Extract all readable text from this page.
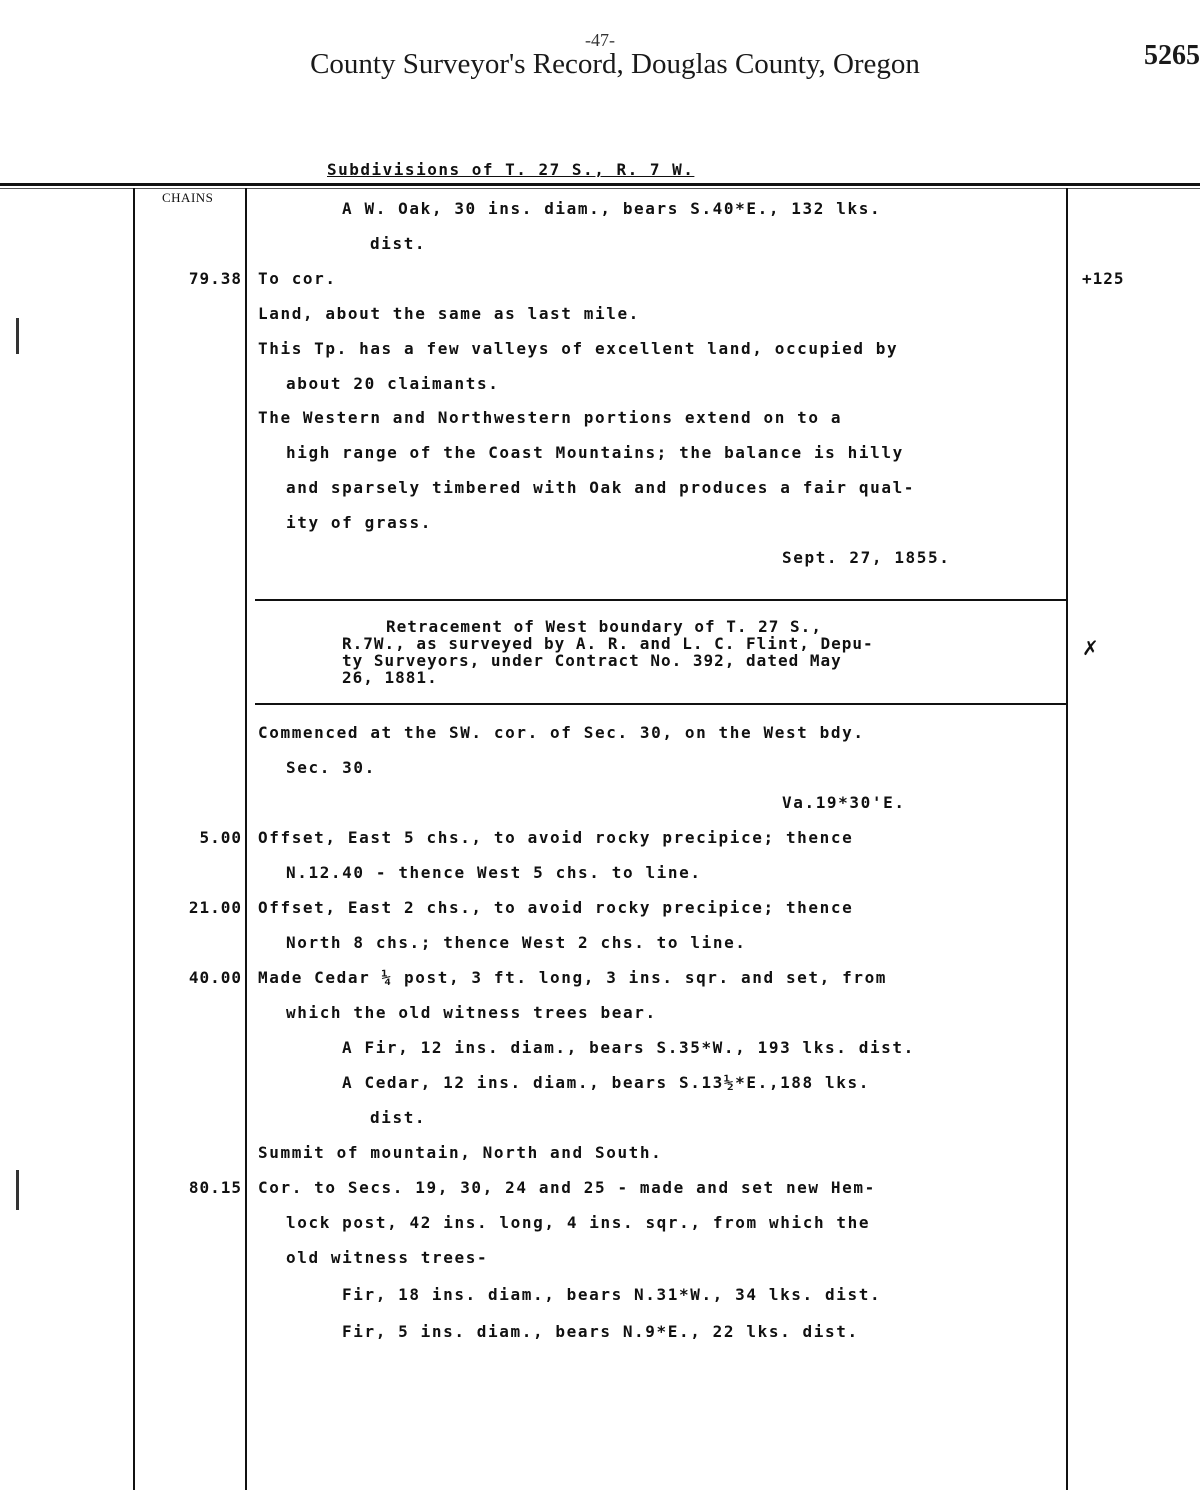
-47-
County Surveyor's Record, Douglas County, Oregon	5265
Subdivisions of T. 27 S., R. 7 W.
CHAINS
A W. Oak, 30 ins. diam., bears S.40*E., 132 lks.
dist.
79.38 To cor.
Land, about the same as last mile.
This Tp. has a few valleys of excellent land, occupied by
about 20 claimants.
The Western and Northwestern portions extend on to a
high range of the Coast Mountains; the balance is hilly
and sparsely timbered with Oak and produces a fair qual-
ity of grass.
Sept. 27, 1855.
+125
Retracement of West boundary of T. 27 S.,
R.7W., as surveyed by A. R. and L. C. Flint, Depu-
ty Surveyors, under Contract No. 392, dated May
26, 1881.
✗
Commenced at the SW. cor. of Sec. 30, on the West bdy.
Sec. 30.
Va.19*30'E.
5.00 Offset, East 5 chs., to avoid rocky precipice; thence
N.12.40 - thence West 5 chs. to line.
21.00 Offset, East 2 chs., to avoid rocky precipice; thence
North 8 chs.; thence West 2 chs. to line.
40.00 Made Cedar ¼ post, 3 ft. long, 3 ins. sqr. and set, from
which the old witness trees bear.
A Fir, 12 ins. diam., bears S.35*W., 193 lks. dist.
A Cedar, 12 ins. diam., bears S.13½*E.,188 lks.
dist.
Summit of mountain, North and South.
80.15 Cor. to Secs. 19, 30, 24 and 25 - made and set new Hem-
lock post, 42 ins. long, 4 ins. sqr., from which the
old witness trees-
Fir, 18 ins. diam., bears N.31*W., 34 lks. dist.
Fir, 5 ins. diam., bears N.9*E., 22 lks. dist.
